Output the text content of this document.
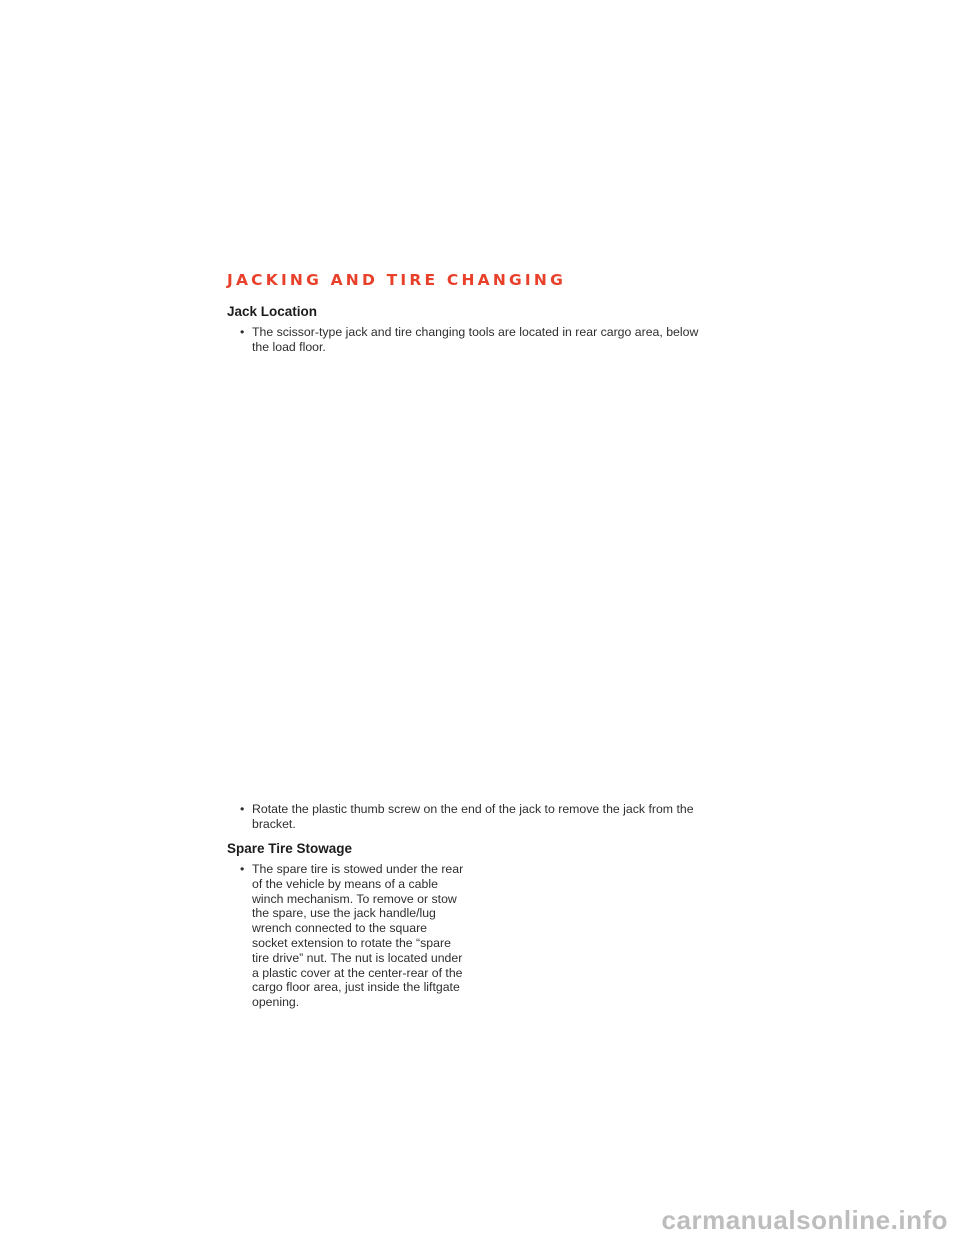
JACKING AND TIRE CHANGING
Jack Location

• The scissor-type jack and tire changing tools are located in rear cargo area, below the load floor.

• Rotate the plastic thumb screw on the end of the jack to remove the jack from the bracket.

Spare Tire Stowage

• The spare tire is stowed under the rear of the vehicle by means of a cable winch mechanism. To remove or stow the spare, use the jack handle/lug wrench connected to the square socket extension to rotate the “spare tire drive” nut. The nut is located under a plastic cover at the center-rear of the cargo floor area, just inside the liftgate opening.

carmanualsonline.info
